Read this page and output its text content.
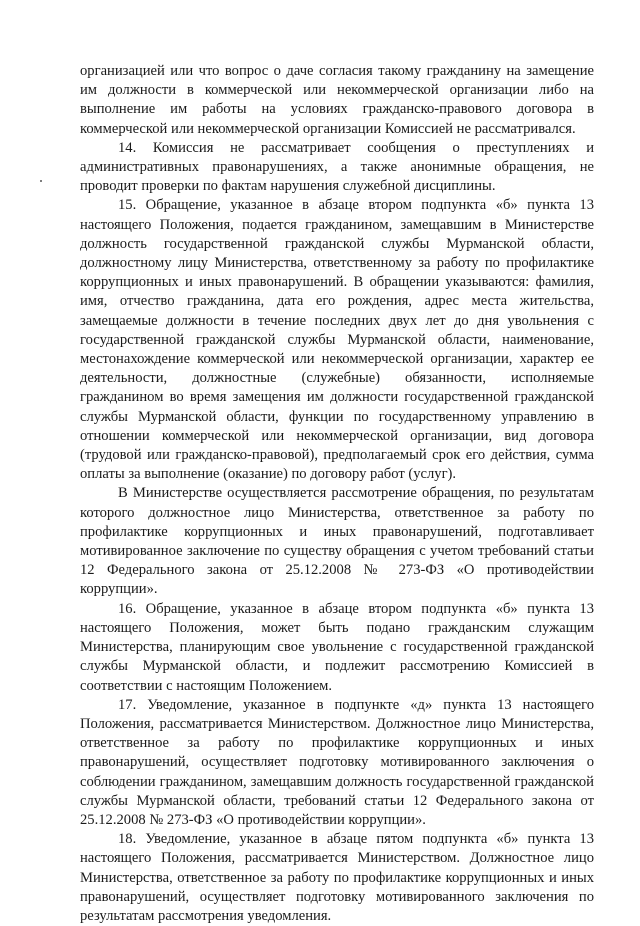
организацией или что вопрос о даче согласия такому гражданину на замещение им должности в коммерческой или некоммерческой организации либо на выполнение им работы на условиях гражданско-правового договора в коммерческой или некоммерческой организации Комиссией не рассматривался.

14. Комиссия не рассматривает сообщения о преступлениях и административных правонарушениях, а также анонимные обращения, не проводит проверки по фактам нарушения служебной дисциплины.

15. Обращение, указанное в абзаце втором подпункта «б» пункта 13 настоящего Положения, подается гражданином, замещавшим в Министерстве должность государственной гражданской службы Мурманской области, должностному лицу Министерства, ответственному за работу по профилактике коррупционных и иных правонарушений. В обращении указываются: фамилия, имя, отчество гражданина, дата его рождения, адрес места жительства, замещаемые должности в течение последних двух лет до дня увольнения с государственной гражданской службы Мурманской области, наименование, местонахождение коммерческой или некоммерческой организации, характер ее деятельности, должностные (служебные) обязанности, исполняемые гражданином во время замещения им должности государственной гражданской службы Мурманской области, функции по государственному управлению в отношении коммерческой или некоммерческой организации, вид договора (трудовой или гражданско-правовой), предполагаемый срок его действия, сумма оплаты за выполнение (оказание) по договору работ (услуг).

В Министерстве осуществляется рассмотрение обращения, по результатам которого должностное лицо Министерства, ответственное за работу по профилактике коррупционных и иных правонарушений, подготавливает мотивированное заключение по существу обращения с учетом требований статьи 12 Федерального закона от 25.12.2008 № 273-ФЗ «О противодействии коррупции».

16. Обращение, указанное в абзаце втором подпункта «б» пункта 13 настоящего Положения, может быть подано гражданским служащим Министерства, планирующим свое увольнение с государственной гражданской службы Мурманской области, и подлежит рассмотрению Комиссией в соответствии с настоящим Положением.

17. Уведомление, указанное в подпункте «д» пункта 13 настоящего Положения, рассматривается Министерством. Должностное лицо Министерства, ответственное за работу по профилактике коррупционных и иных правонарушений, осуществляет подготовку мотивированного заключения о соблюдении гражданином, замещавшим должность государственной гражданской службы Мурманской области, требований статьи 12 Федерального закона от 25.12.2008 № 273-ФЗ «О противодействии коррупции».

18. Уведомление, указанное в абзаце пятом подпункта «б» пункта 13 настоящего Положения, рассматривается Министерством. Должностное лицо Министерства, ответственное за работу по профилактике коррупционных и иных правонарушений, осуществляет подготовку мотивированного заключения по результатам рассмотрения уведомления.
